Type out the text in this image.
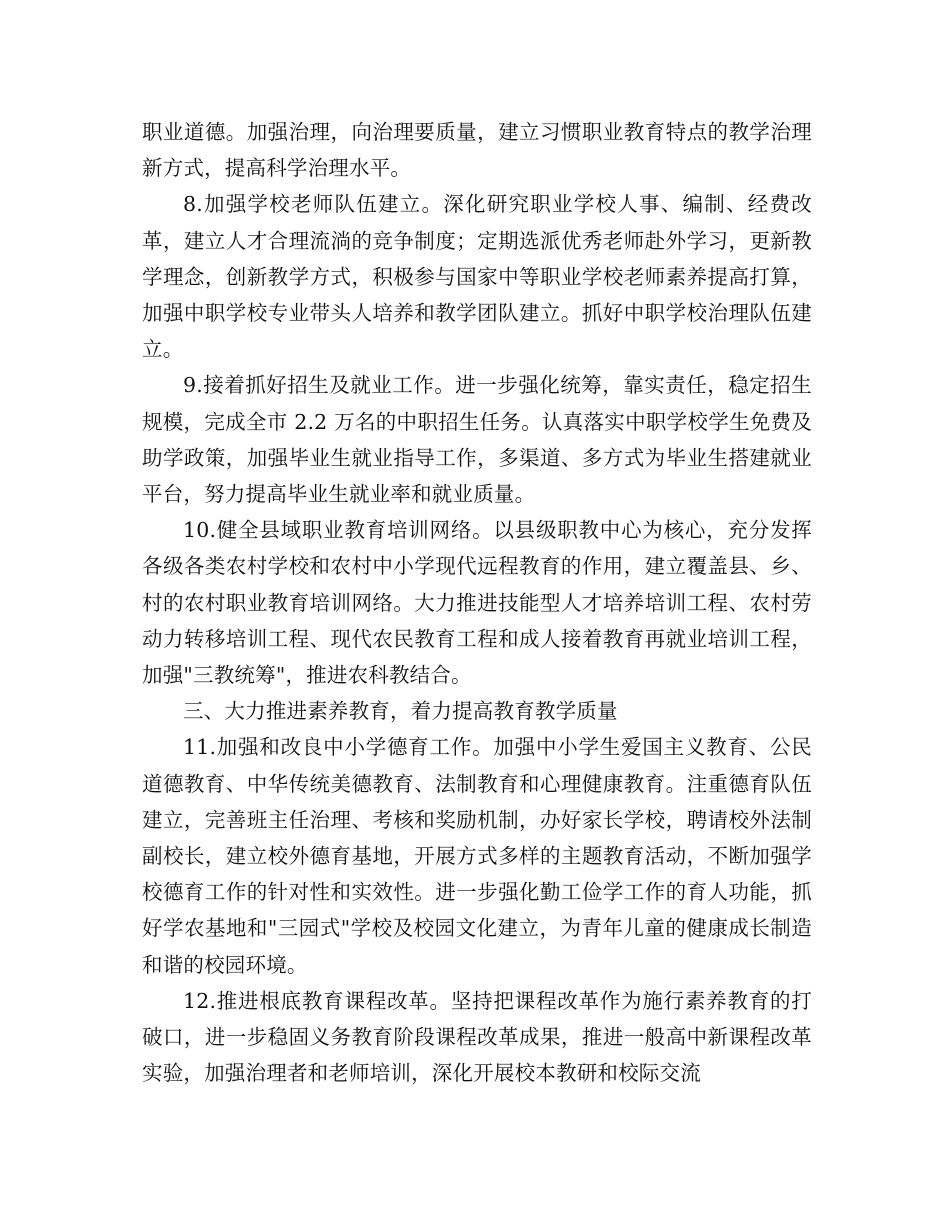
职业道德。加强治理，向治理要质量，建立习惯职业教育特点的教学治理新方式，提高科学治理水平。

8.加强学校老师队伍建立。深化研究职业学校人事、编制、经费改革，建立人才合理流淌的竞争制度；定期选派优秀老师赴外学习，更新教学理念，创新教学方式，积极参与国家中等职业学校老师素养提高打算，加强中职学校专业带头人培养和教学团队建立。抓好中职学校治理队伍建立。

9.接着抓好招生及就业工作。进一步强化统筹，靠实责任，稳定招生规模，完成全市 2.2 万名的中职招生任务。认真落实中职学校学生免费及助学政策，加强毕业生就业指导工作，多渠道、多方式为毕业生搭建就业平台，努力提高毕业生就业率和就业质量。

10.健全县域职业教育培训网络。以县级职教中心为核心，充分发挥各级各类农村学校和农村中小学现代远程教育的作用，建立覆盖县、乡、村的农村职业教育培训网络。大力推进技能型人才培养培训工程、农村劳动力转移培训工程、现代农民教育工程和成人接着教育再就业培训工程，加强"三教统筹"，推进农科教结合。

三、大力推进素养教育，着力提高教育教学质量

11.加强和改良中小学德育工作。加强中小学生爱国主义教育、公民道德教育、中华传统美德教育、法制教育和心理健康教育。注重德育队伍建立，完善班主任治理、考核和奖励机制，办好家长学校，聘请校外法制副校长，建立校外德育基地，开展方式多样的主题教育活动，不断加强学校德育工作的针对性和实效性。进一步强化勤工俭学工作的育人功能，抓好学农基地和"三园式"学校及校园文化建立，为青年儿童的健康成长制造和谐的校园环境。

12.推进根底教育课程改革。坚持把课程改革作为施行素养教育的打破口，进一步稳固义务教育阶段课程改革成果，推进一般高中新课程改革实验，加强治理者和老师培训，深化开展校本教研和校际交流
